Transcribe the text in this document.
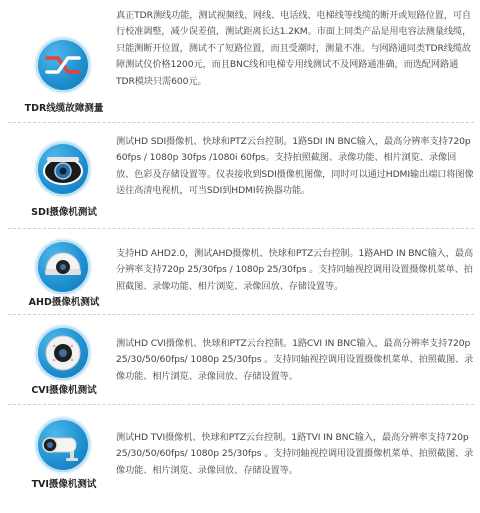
TDR线缆故障测量
真正TDR测线功能，测试视频线、网线、电话线、电梯线等线缆的断开或短路位置，可自行校准调整，减少误差值，测试距离长达1.2KM。市面上同类产品是用电容法测量线缆，只能测断开位置，测试不了短路位置，而且受潮时，测量不准。与网路通同类TDR线缆故障测试仪价格1200元，而且BNC线和电梯专用线测试不及网路通准确，而选配网路通TDR模块只需600元。
SDI摄像机测试
测试HD SDI摄像机、快球和PTZ云台控制。1路SDI IN BNC输入，最高分辨率支持720p 60fps / 1080p 30fps /1080i 60fps。支持拍照截图、录像功能、相片浏览、录像回放、色彩及存储设置等。仪表接收到SDI摄像机图像，同时可以通过HDMI输出端口将图像送往高清电视机，可当SDI到HDMI转换器功能。
AHD摄像机测试
支持HD AHD2.0，测试AHD摄像机、快球和PTZ云台控制。1路AHD IN BNC输入，最高分辨率支持720p 25/30fps / 1080p 25/30fps 。支持同轴视控调用设置摄像机菜单、拍照截图、录像功能、相片浏览、录像回放、存储设置等。
CVI摄像机测试
测试HD CVI摄像机、快球和PTZ云台控制。1路CVI IN BNC输入，最高分辨率支持720p 25/30/50/60fps/ 1080p 25/30fps 。支持同轴视控调用设置摄像机菜单、拍照截图、录像功能、相片浏览、录像回放、存储设置等。
TVI摄像机测试
测试HD TVI摄像机、快球和PTZ云台控制。1路TVI IN BNC输入，最高分辨率支持720p 25/30/50/60fps/ 1080p 25/30fps 。支持同轴视控调用设置摄像机菜单、拍照截图、录像功能、相片浏览、录像回放、存储设置等。
